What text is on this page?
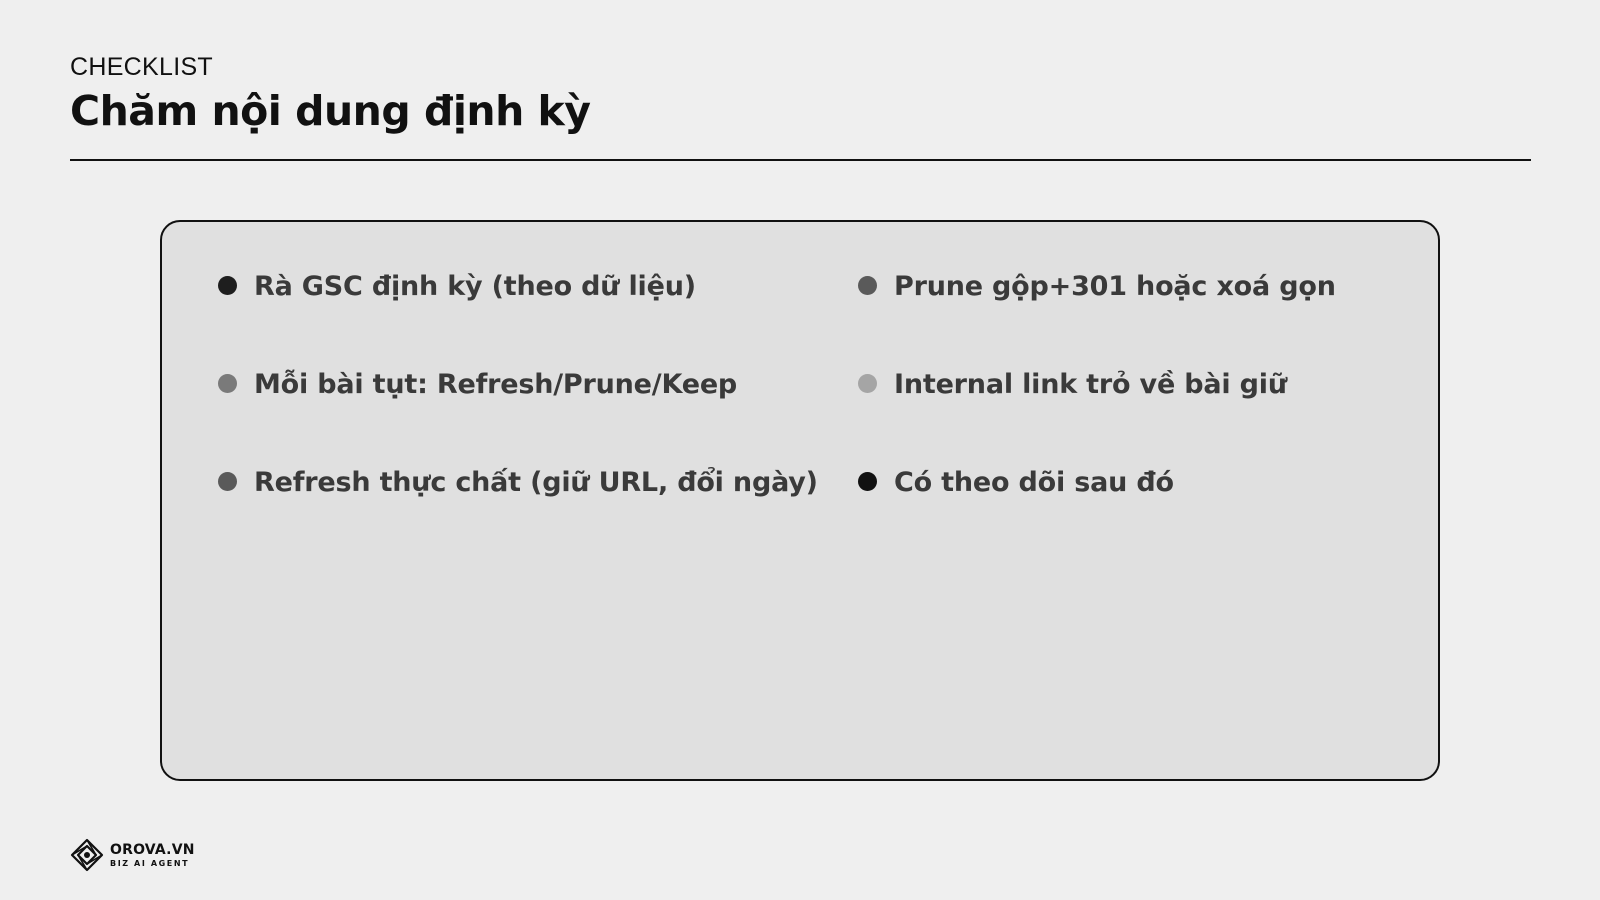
CHECKLIST
Chăm nội dung định kỳ
Rà GSC định kỳ (theo dữ liệu)	Prune gộp+301 hoặc xoá gọn
Mỗi bài tụt: Refresh/Prune/Keep	Internal link trỏ về bài giữ
Refresh thực chất (giữ URL, đổi ngày)	Có theo dõi sau đó
OROVA.VN
BIZ AI AGENT
